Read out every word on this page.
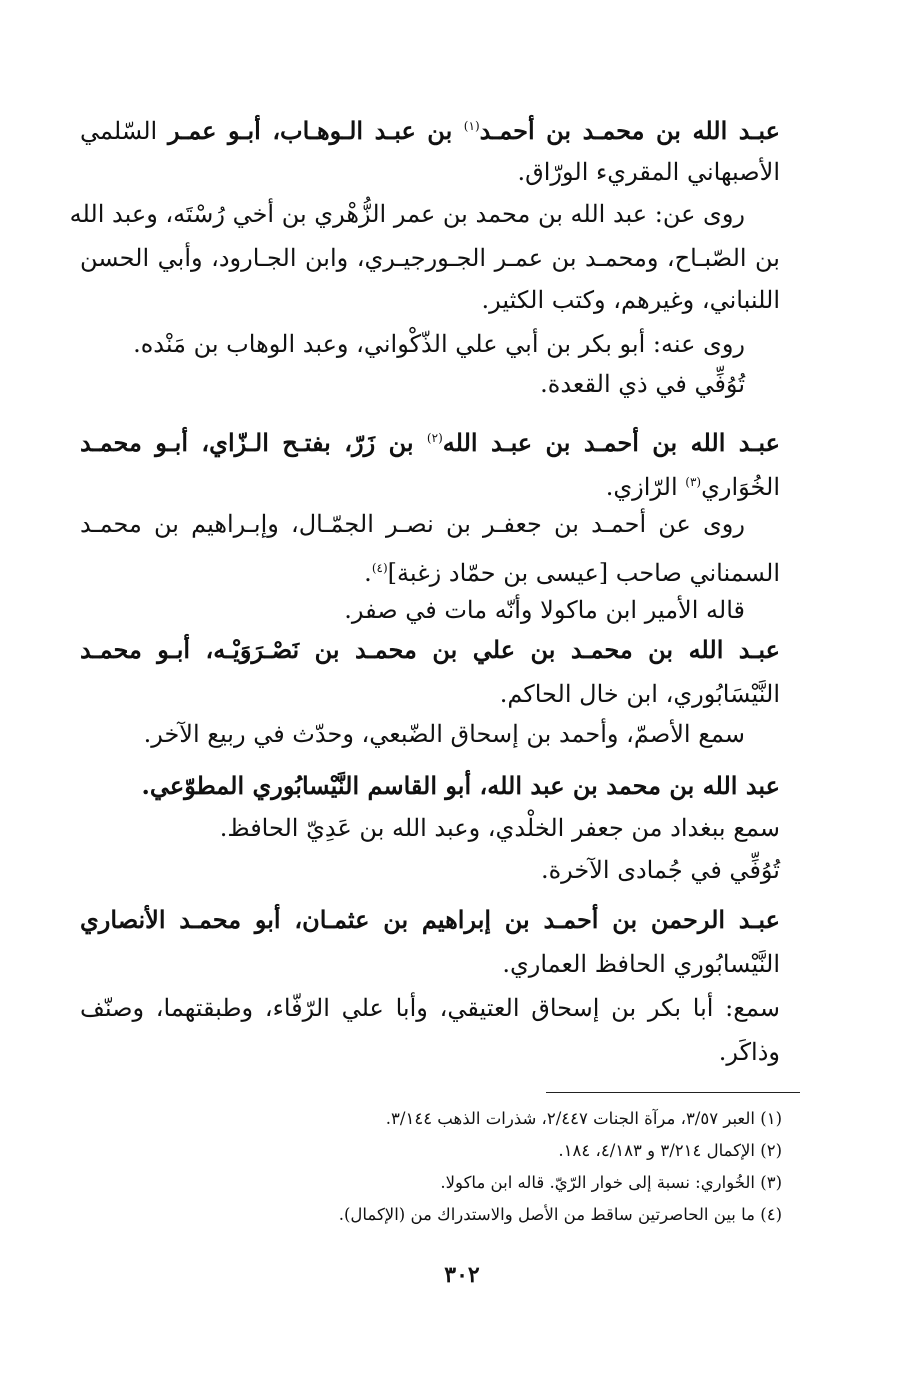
عبـد الله بن محمـد بن أحمـد$^{(١)}$ بن عبـد الـوهـاب، أبـو عمـر السّلمي
الأصبهاني المقريء الورّاق.
روى عن: عبد الله بن محمد بن عمر الزُّهْري بن أخي رُسْتَه، وعبد الله
بن الصّبـاح، ومحمـد بن عمـر الجـورجيـري، وابن الجـارود، وأبي الحسن
اللنباني، وغيرهم، وكتب الكثير.
روى عنه: أبو بكر بن أبي علي الذّكْواني، وعبد الوهاب بن مَنْده.
تُوُفِّي في ذي القعدة.
عبـد الله بن أحمـد بن عبـد الله$^{(٢)}$ بن زَرّ، بفتـح الـزّاي، أبـو محمـد
الخُوَاري$^{(٣)}$ الرّازي.
روى عن أحمـد بن جعفـر بن نصـر الجمّـال، وإبـراهيم بن محمـد
السمناني صاحب [عيسى بن حمّاد زغبة]$^{(٤)}$.
قاله الأمير ابن ماكولا وأنّه مات في صفر.
عبـد الله بن محمـد بن علي بن محمـد بن نَصْـرَوَيْـه، أبـو محمـد
النَّيْسَابُوري، ابن خال الحاكم.
سمع الأصمّ، وأحمد بن إسحاق الضّبعي، وحدّث في ربيع الآخر.
عبد الله بن محمد بن عبد الله، أبو القاسم النَّيْسابُوري المطوّعي.
سمع ببغداد من جعفر الخلْدي، وعبد الله بن عَدِيّ الحافظ.
تُوُفِّي في جُمادى الآخرة.
عبـد الرحمن بن أحمـد بن إبراهيم بن عثمـان، أبو محمـد الأنصاري
النَّيْسابُوري الحافظ العماري.
سمع: أبا بكر بن إسحاق العتيقي، وأبا علي الرّفّاء، وطبقتهما، وصنّف
وذاكَر.
(١) العبر ٣/٥٧، مرآة الجنات ٢/٤٤٧، شذرات الذهب ٣/١٤٤.
(٢) الإكمال ٣/٢١٤ و ٤/١٨٣، ١٨٤.
(٣) الخُواري: نسبة إلى خوار الرّيّ. قاله ابن ماكولا.
(٤) ما بين الحاصرتين ساقط من الأصل والاستدراك من (الإكمال).
٣٠٢
